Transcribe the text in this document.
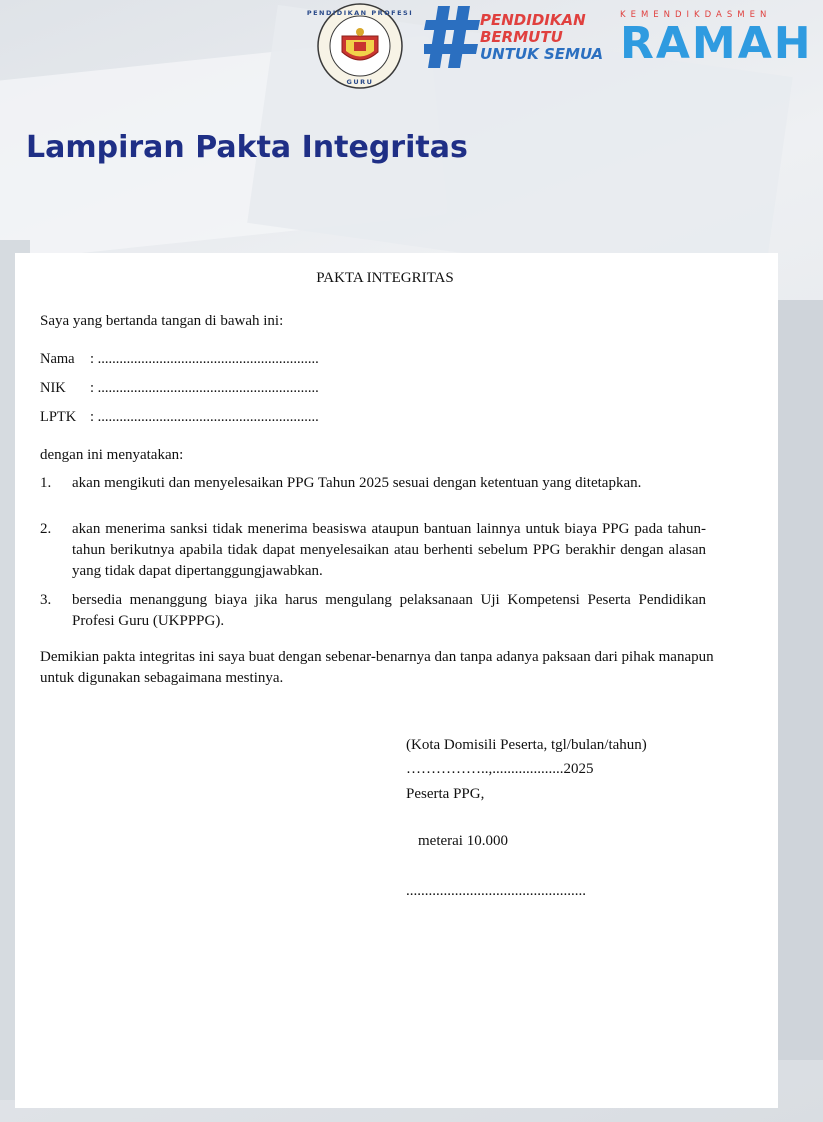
PENDIDIKAN PROFESI
GURU
PENDIDIKAN
BERMUTU
UNTUK SEMUA
KEMENDIKDASMEN
RAMAH
Lampiran Pakta Integritas
PAKTA INTEGRITAS
Saya yang bertanda tangan di bawah ini:
Nama : .............................................................
NIK : .............................................................
LPTK : .............................................................
dengan ini menyatakan:
1. akan mengikuti dan menyelesaikan PPG Tahun 2025 sesuai dengan ketentuan yang ditetapkan.
2. akan menerima sanksi tidak menerima beasiswa ataupun bantuan lainnya untuk biaya PPG pada tahun-tahun berikutnya apabila tidak dapat menyelesaikan atau berhenti sebelum PPG berakhir dengan alasan yang tidak dapat dipertanggungjawabkan.
3. bersedia menanggung biaya jika harus mengulang pelaksanaan Uji Kompetensi Peserta Pendidikan Profesi Guru (UKPPPG).
Demikian pakta integritas ini saya buat dengan sebenar-benarnya dan tanpa adanya paksaan dari pihak manapun untuk digunakan sebagaimana mestinya.
(Kota Domisili Peserta, tgl/bulan/tahun)
……………..,...................2025
Peserta PPG,
meterai 10.000
................................................
